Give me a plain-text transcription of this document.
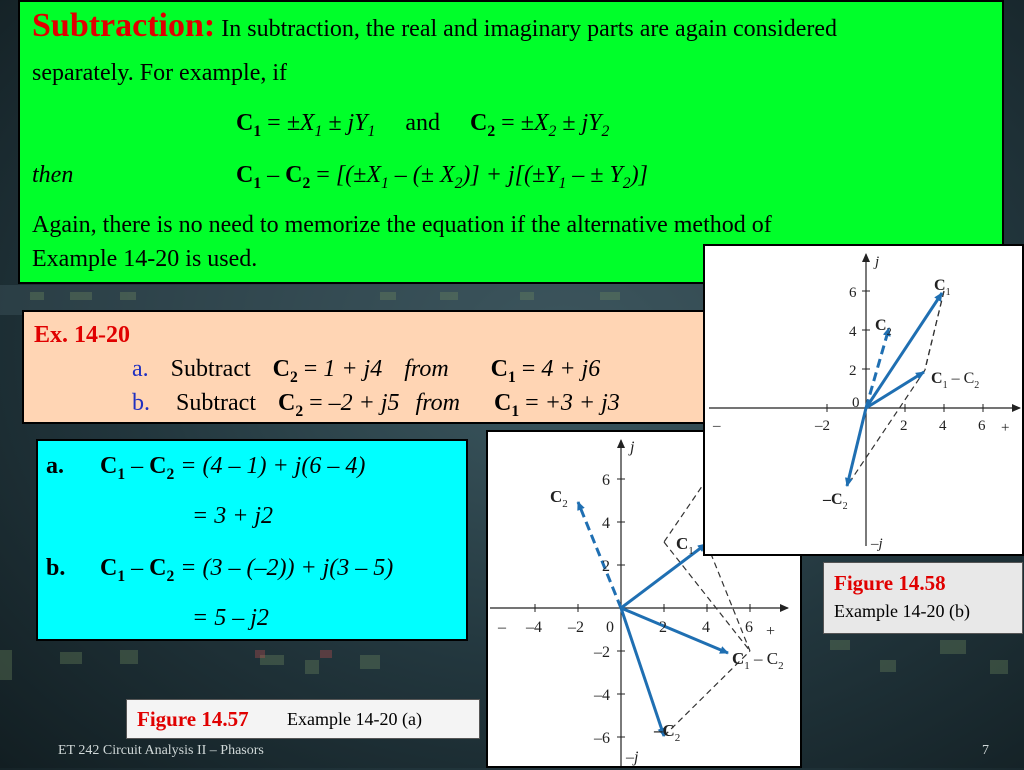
Subtraction: In subtraction, the real and imaginary parts are again considered
separately. For example, if
$C_1 = \pm X_1 \pm jY_1$ and $C_2 = \pm X_2 \pm jY_2$
then	$C_1 - C_2 = [(\pm X_1$ – (± $X_2)] + j[(\pm Y_1$ – ± $Y_2$)]
Again, there is no need to memorize the equation if the alternative method of
Example 14-20 is used.
Ex. 14-20
a. Subtract $C_2 = 1 + j4$ from $C_1 = 4 + j6$
b. Subtract $C_2 = -2 + j5$ from $C_1 = +3 + j3$
a. $C_1 - C_2 = (4 - 1) + j(6 - 4)$
= 3 + j2
b. $C_1 - C_2 = (3 - (-2)) + j(3 - 5)$
= 5 – j2	– –4 –2 0	2 4 6 +
6
4
2
–2
–4
–6
j
–j
$C_2$
$C_1$
$C_1 - C_2$
$-C_2$
–	–2	2 4 6 +
6
4
2
0
j
–j
$C_1$
$C_2$
$C_1 - C_2$
$-C_2$
Figure 14.57 Example 14-20 (a)
Figure 14.58
Example 14-20 (b)
ET 242 Circuit Analysis II – Phasors	7
